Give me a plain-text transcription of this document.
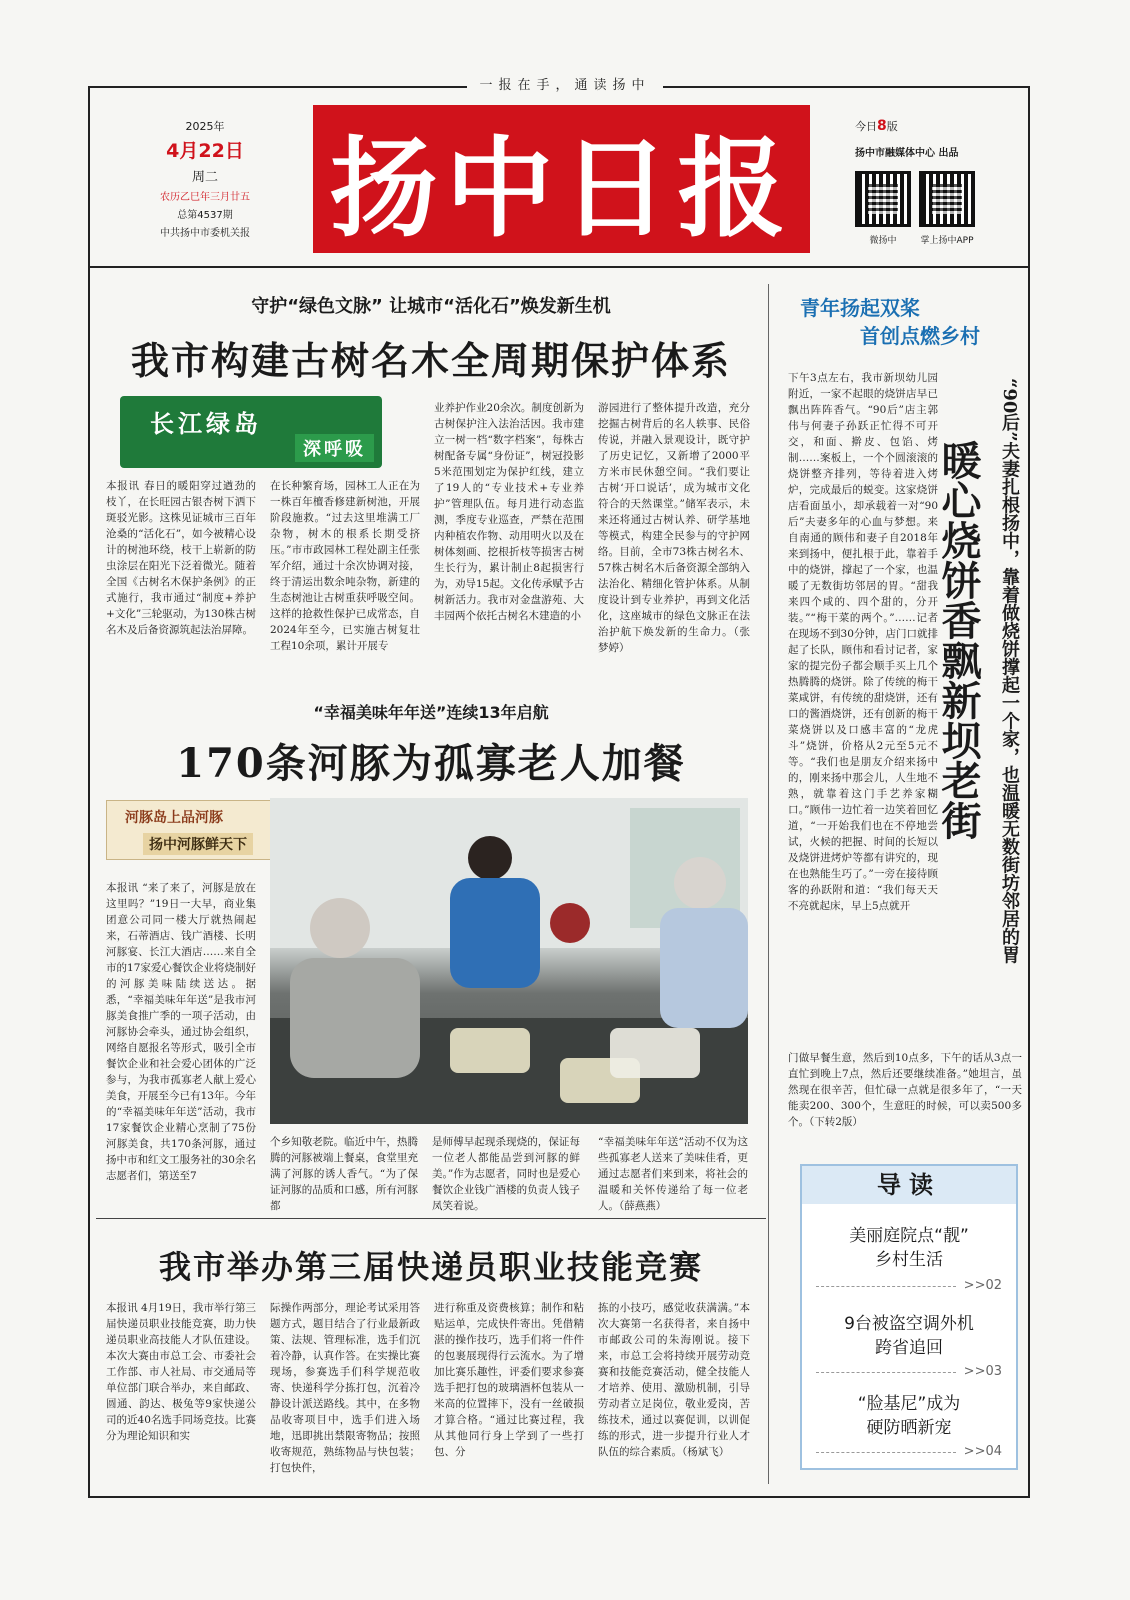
一报在手，通读扬中
2025年
4月22日
周二
农历乙巳年三月廿五
总第4537期
中共扬中市委机关报 扬中日报	今日8版
扬中市融媒体中心 出品
微扬中	掌上扬中APP
守护“绿色文脉” 让城市“活化石”焕发新生机
我市构建古树名木全周期保护体系
长江绿岛
深呼吸
本报讯 春日的暖阳穿过遒劲的枝丫，在长旺园古银杏树下洒下斑驳光影。这株见证城市三百年沧桑的“活化石”，如今被精心设计的树池环绕，枝干上崭新的防虫涂层在阳光下泛着微光。随着全国《古树名木保护条例》的正式施行，我市通过“制度+养护+文化”三轮驱动，为130株古树名木及后备资源筑起法治屏障。
在长种繁育场，园林工人正在为一株百年檀香修建新树池，开展阶段施救。“过去这里堆满工厂杂物，树木的根系长期受挤压。”市市政园林工程处副主任张军介绍，通过十余次协调对接，终于清运出数余吨杂物，新建的生态树池让古树重获呼吸空间。这样的抢救性保护已成常态，自2024年至今，已实施古树复壮工程10余项，累计开展专
业养护作业20余次。制度创新为古树保护注入法治活因。我市建立一树一档“数字档案”，每株古树配备专属“身份证”，树冠投影5米范围划定为保护红线，建立了19人的“专业技术+专业养护”管理队伍。每月进行动态监测，季度专业巡查，严禁在范围内种植农作物、动用明火以及在树体刻画、挖根折枝等损害古树生长行为，累计制止8起损害行为，劝导15起。文化传承赋予古树新活力。我市对金盘游苑、大丰园两个依托古树名木建造的小
游园进行了整体提升改造，充分挖掘古树背后的名人轶事、民俗传说，并融入景观设计，既守护了历史记忆，又新增了2000平方米市民休憩空间。“我们要让古树‘开口说话’，成为城市文化符合的天然课堂。”储军表示，未来还将通过古树认养、研学基地等模式，构建全民参与的守护网络。目前，全市73株古树名木、57株古树名木后备资源全部纳入法治化、精细化管护体系。从制度设计到专业养护，再到文化活化，这座城市的绿色文脉正在法治护航下焕发新的生命力。（张梦婷）
“幸福美味年年送”连续13年启航
170条河豚为孤寡老人加餐
河豚岛上品河豚
扬中河豚鲜天下
本报讯 “来了来了，河豚是放在这里吗？”19日一大早，商业集团意公司同一楼大厅就热闹起来，石蒂酒店、钱广酒楼、长明河豚宴、长江大酒店……来自全市的17家爱心餐饮企业将烧制好的河豚美味陆续送达。据悉，“幸福美味年年送”是我市河豚美食推广季的一项子活动，由河豚协会牵头，通过协会组织，网络自愿报名等形式，吸引全市餐饮企业和社会爱心团体的广泛参与，为我市孤寡老人献上爱心美食，开展至今已有13年。今年的“幸福美味年年送”活动，我市17家餐饮企业精心烹制了75份河豚美食，共170条河豚，通过扬中市和红文工服务社的30余名志愿者们，第送至7
个乡知敬老院。临近中午，热腾腾的河豚被端上餐桌，食堂里充满了河豚的诱人香气。“为了保证河豚的品质和口感，所有河豚都
是师傅早起现杀现烧的，保证每一位老人都能品尝到河豚的鲜美。”作为志愿者，同时也是爱心餐饮企业钱广酒楼的负责人钱子凤笑着说。
“幸福美味年年送”活动不仅为这些孤寡老人送来了美味佳肴，更通过志愿者们来到来，将社会的温暖和关怀传递给了每一位老人。（薛燕燕）
我市举办第三届快递员职业技能竞赛
本报讯 4月19日，我市举行第三届快递员职业技能竞赛，助力快递员职业高技能人才队伍建设。本次大赛由市总工会、市委社会工作部、市人社局、市交通局等单位部门联合举办，来自邮政、圆通、韵达、极兔等9家快递公司的近40名选手同场竞技。比赛分为理论知识和实
际操作两部分，理论考试采用答题方式，题目结合了行业最新政策、法规、管理标准，选手们沉着冷静，认真作答。在实操比赛现场，参赛选手们科学规范收寄、快递科学分拣打包，沉着冷静设计派送路线。其中，在多物品收寄项目中，选手们进入场地，迅即挑出禁限寄物品；按照收寄规范，熟练物品与快包装；打包快件，
进行称重及资费核算；制作和粘贴运单，完成快件寄出。凭借精湛的操作技巧，选手们将一件件的包裹展现得行云流水。为了增加比赛乐趣性，评委们要求参赛选手把打包的玻璃酒杯包装从一米高的位置摔下，没有一丝破损才算合格。“通过比赛过程，我从其他同行身上学到了一些打包、分
拣的小技巧，感觉收获满满。”本次大赛第一名获得者，来自扬中市邮政公司的朱海刚说。接下来，市总工会将持续开展劳动竞赛和技能竞赛活动，健全技能人才培养、使用、激励机制，引导劳动者立足岗位，敬业爱岗，苦练技术，通过以赛促训，以训促练的形式，进一步提升行业人才队伍的综合素质。（杨斌飞）
青年扬起双桨
首创点燃乡村
下午3点左右，我市新坝幼儿园附近，一家不起眼的烧饼店早已飘出阵阵香气。“90后”店主郭伟与何妻子孙跃正忙得不可开交，和面、擀皮、包馅、烤制……案板上，一个个圆滚滚的烧饼整齐排列，等待着进入烤炉，完成最后的蜕变。这家烧饼店看面虽小，却承载着一对“90后”夫妻多年的心血与梦想。来自南通的顾伟和妻子自2018年来到扬中，便扎根于此，靠着手中的烧饼，撑起了一个家，也温暖了无数街坊邻居的胃。“甜我来四个咸的、四个甜的，分开装。”“梅干菜的两个。”……记者在现场不到30分钟，店门口就排起了长队，顾伟和看讨记者，家家的提完份子都会顺手买上几个热腾腾的烧饼。除了传统的梅干菜咸饼，有传统的甜烧饼，还有口的酱酒烧饼，还有创新的梅干菜烧饼以及口感丰富的“龙虎斗”烧饼，价格从2元至5元不等。“我们也是朋友介绍来扬中的，刚来扬中那会儿，人生地不熟，就靠着这门手艺养家糊口。”顾伟一边忙着一边笑着回忆道，“一开始我们也在不停地尝试，火候的把握、时间的长短以及烧饼进烤炉等都有讲究的，现在也熟能生巧了。”一旁在接待顾客的孙跃附和道：“我们每天天不亮就起床，早上5点就开
暖心烧饼香飘新坝老街 “90后”夫妻扎根扬中，靠着做烧饼撑起一个家，也温暖无数街坊邻居的胃
门做早餐生意，然后到10点多，下午的话从3点一直忙到晚上7点，然后还要继续准备。”她坦言，虽然现在很辛苦，但忙碌一点就是很多年了，“一天能卖200、300个，生意旺的时候，可以卖500多个。（下转2版）
导读
美丽庭院点“靓”
乡村生活
>>02
9台被盗空调外机
跨省追回
>>03
“脸基尼”成为
硬防晒新宠
>>04
